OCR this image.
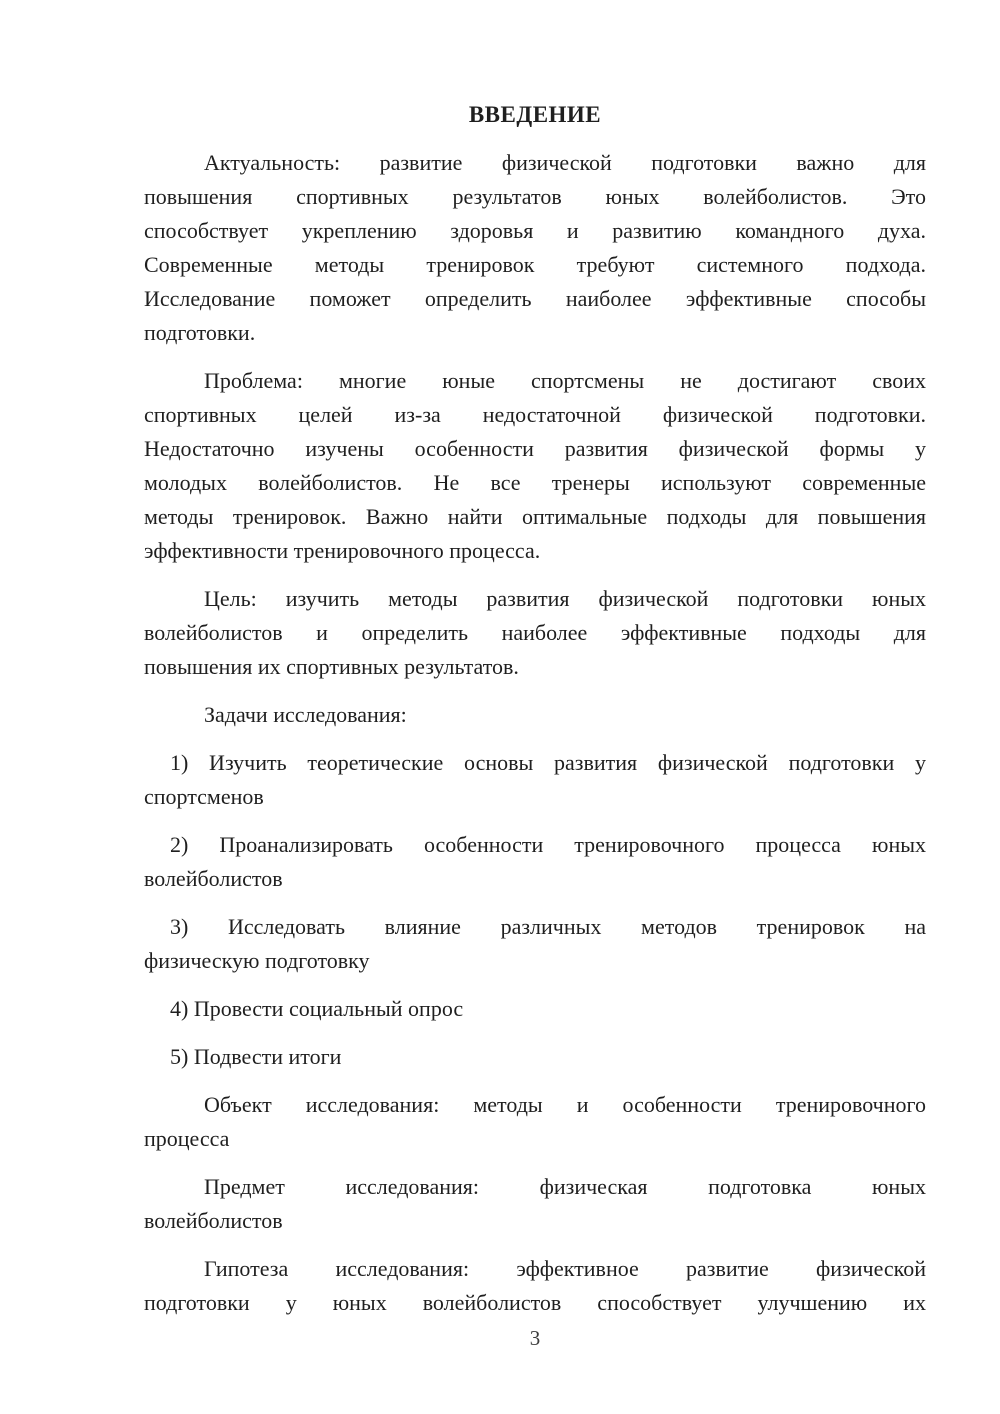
ВВЕДЕНИЕ
Актуальность: развитие физической подготовки важно для
повышения спортивных результатов юных волейболистов. Это
способствует укреплению здоровья и развитию командного духа.
Современные методы тренировок требуют системного подхода.
Исследование поможет определить наиболее эффективные способы
подготовки.
Проблема: многие юные спортсмены не достигают своих
спортивных целей из-за недостаточной физической подготовки.
Недостаточно изучены особенности развития физической формы у
молодых волейболистов. Не все тренеры используют современные
методы тренировок. Важно найти оптимальные подходы для повышения
эффективности тренировочного процесса.
Цель: изучить методы развития физической подготовки юных
волейболистов и определить наиболее эффективные подходы для
повышения их спортивных результатов.
Задачи исследования:
1) Изучить теоретические основы развития физической подготовки у
спортсменов
2) Проанализировать особенности тренировочного процесса юных
волейболистов
3) Исследовать влияние различных методов тренировок на
физическую подготовку
4) Провести социальный опрос
5) Подвести итоги
Объект исследования: методы и особенности тренировочного
процесса
Предмет исследования: физическая подготовка юных
волейболистов
Гипотеза исследования: эффективное развитие физической
подготовки у юных волейболистов способствует улучшению их
3
